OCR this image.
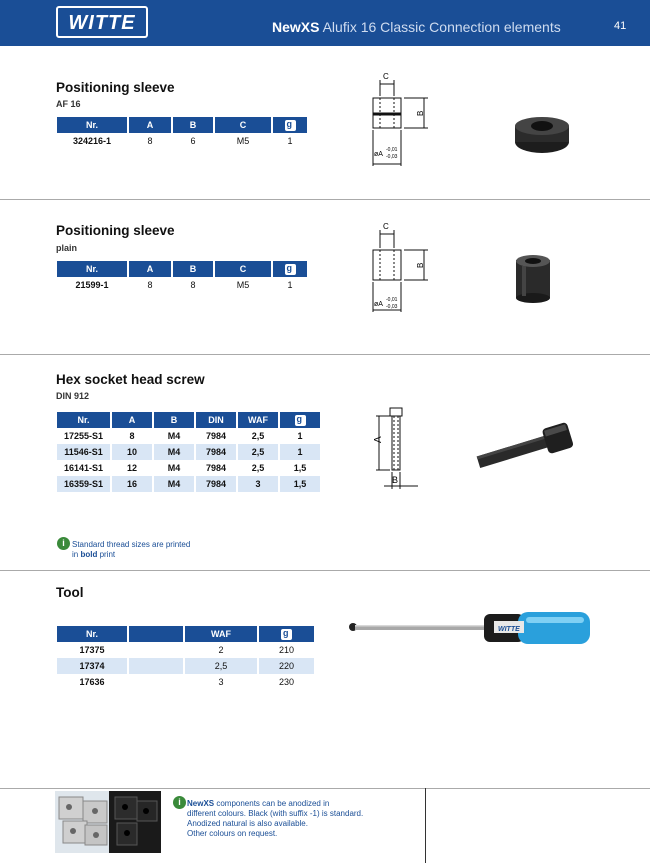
WITTE	NewXS Alufix 16 Classic Connection elements	41
Positioning sleeve
AF 16
Nr.	A	B	C	g
324216-1	8	6	M5	1
C
B
øA
-0,01
-0,03
Positioning sleeve
plain
Nr.	A	B	C	g
21599-1	8	8	M5	1
C
B
øA
-0,01
-0,03
Hex socket head screw
DIN 912
Nr.	A	B	DIN	WAF	g
17255-S1	8	M4	7984	2,5	1
11546-S1	10	M4	7984	2,5	1
16141-S1	12	M4	7984	2,5	1,5
16359-S1	16	M4	7984	3	1,5
A
B
i Standard thread sizes are printed
in bold print
Tool
Nr.		WAF	g
17375		2	210
17374		2,5	220
17636		3	230
WITTE
i NewXS components can be anodized in
different colours. Black (with suffix -1) is standard.
Anodized natural is also available.
Other colours on request.
